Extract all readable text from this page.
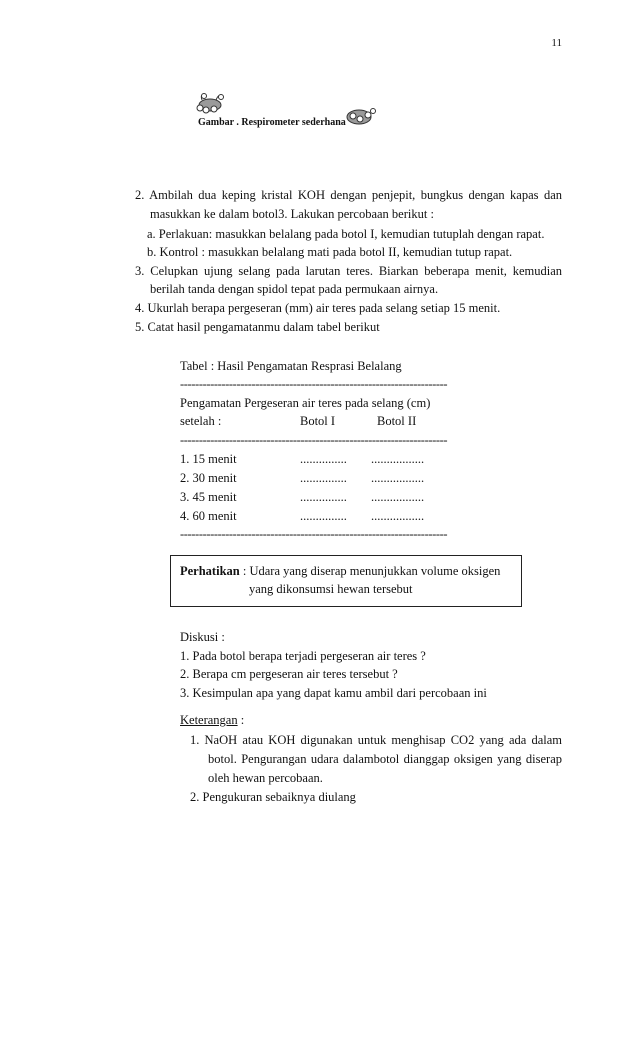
11
Gambar . Respirometer sederhana
2. Ambilah dua keping kristal KOH dengan penjepit, bungkus dengan kapas dan
masukkan ke dalam botol3. Lakukan percobaan berikut :
a. Perlakuan: masukkan belalang pada botol I, kemudian tutuplah dengan rapat.
b. Kontrol : masukkan belalang mati pada botol II, kemudian tutup rapat.
3. Celupkan ujung selang pada larutan teres. Biarkan beberapa menit, kemudian
berilah tanda dengan spidol tepat pada permukaan airnya.
4. Ukurlah berapa pergeseran (mm) air teres pada selang setiap 15 menit.
5. Catat hasil pengamatanmu dalam tabel berikut
Tabel : Hasil Pengamatan Resprasi Belalang
-----------------------------------------------------------------------
Pengamatan Pergeseran air teres pada selang (cm)
setelah :	Botol I	Botol II
-----------------------------------------------------------------------
1. 15 menit	............... .................
2. 30 menit	............... .................
3. 45 menit	............... .................
4. 60 menit	............... .................
-----------------------------------------------------------------------
Perhatikan : Udara yang diserap menunjukkan volume oksigen
yang dikonsumsi hewan tersebut
Diskusi :
1. Pada botol berapa terjadi pergeseran air teres ?
2. Berapa cm pergeseran air teres tersebut ?
3. Kesimpulan apa yang dapat kamu ambil dari percobaan ini
Keterangan :
1. NaOH atau KOH digunakan untuk menghisap CO2 yang ada dalam
botol. Pengurangan udara dalambotol dianggap oksigen yang diserap
oleh hewan percobaan.
2. Pengukuran sebaiknya diulang
